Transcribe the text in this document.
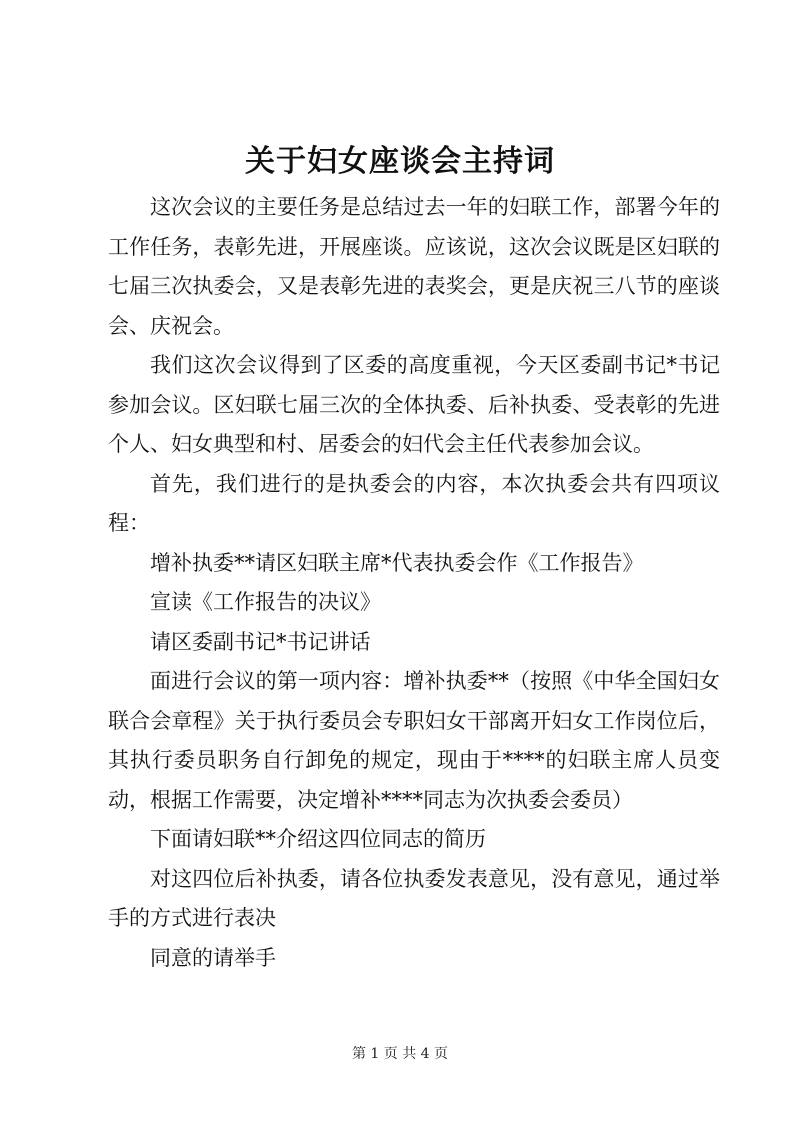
关于妇女座谈会主持词

这次会议的主要任务是总结过去一年的妇联工作，部署今年的工作任务，表彰先进，开展座谈。应该说，这次会议既是区妇联的七届三次执委会，又是表彰先进的表奖会，更是庆祝三八节的座谈会、庆祝会。

我们这次会议得到了区委的高度重视，今天区委副书记*书记参加会议。区妇联七届三次的全体执委、后补执委、受表彰的先进个人、妇女典型和村、居委会的妇代会主任代表参加会议。

首先，我们进行的是执委会的内容，本次执委会共有四项议程：

增补执委**请区妇联主席*代表执委会作《工作报告》

宣读《工作报告的决议》

请区委副书记*书记讲话

面进行会议的第一项内容：增补执委**（按照《中华全国妇女联合会章程》关于执行委员会专职妇女干部离开妇女工作岗位后，其执行委员职务自行卸免的规定，现由于****的妇联主席人员变动，根据工作需要，决定增补****同志为次执委会委员）

下面请妇联**介绍这四位同志的简历

对这四位后补执委，请各位执委发表意见，没有意见，通过举手的方式进行表决

同意的请举手

第 1 页 共 4 页
